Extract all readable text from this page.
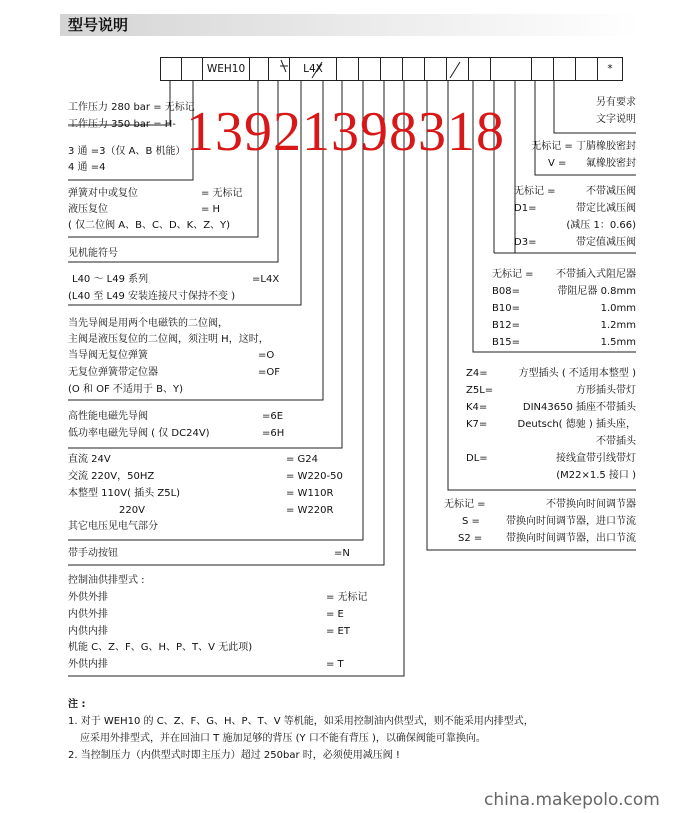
型号说明
WEH10	L4X	*
工作压力 280 bar = 无标记
工作压力 350 bar = H-
3 通 =3（仅 A、B 机能）
4 通 =4
弹簧对中或复位	= 无标记
液压复位	= H
( 仅二位阀 A、B、C、D、K、Z、Y)
见机能符号
L40 ～ L49 系列	=L4X
(L40 至 L49 安装连接尺寸保持不变 )
当先导阀是用两个电磁铁的二位阀，
主阀是液压复位的二位阀，须注明 H，这时，
当导阀无复位弹簧	=O
无复位弹簧带定位器	=OF
(O 和 OF 不适用于 B、Y)
高性能电磁先导阀	=6E
低功率电磁先导阀 ( 仅 DC24V)	=6H
直流 24V	= G24
交流 220V，50HZ	= W220-50
本整型 110V( 插头 Z5L)	= W110R
220V	= W220R
其它电压见电气部分
带手动按钮	=N
控制油供排型式 :
外供外排	= 无标记
内供外排	= E
内供内排	= ET
机能 C、Z、F、G、H、P、T、V 无此项)
外供内排	= T
另有要求
文字说明
无标记 = 丁腈橡胶密封
V = 氟橡胶密封
无标记 =	不带减压阀
D1=	带定比减压阀
(减压 1：0.66)
D3=	带定值减压阀
无标记 = 不带插入式阻尼器
B08=	带阻尼器 0.8mm
B10=	1.0mm
B12=	1.2mm
B15=	1.5mm
Z4=	方型插头 ( 不适用本整型 )
Z5L=	方形插头带灯
K4=	DIN43650 插座不带插头
K7=	Deutsch( 德驰 ) 插头座，
不带插头
DL=	接线盒带引线带灯
(M22×1.5 接口 )
无标记 =	不带换向时间调节器
S =	带换向时间调节器，进口节流
S2 = 带换向时间调节器，出口节流
13921398318
注 :
1. 对于 WEH10 的 C、Z、F、G、H、P、T、V 等机能，如采用控制油内供型式，则不能采用内排型式，
应采用外排型式，并在回油口 T 施加足够的背压 (Y 口不能有背压 )，以确保阀能可靠换向。
2. 当控制压力（内供型式时即主压力）超过 250bar 时，必须使用减压阀 !
china.makepolo.com
